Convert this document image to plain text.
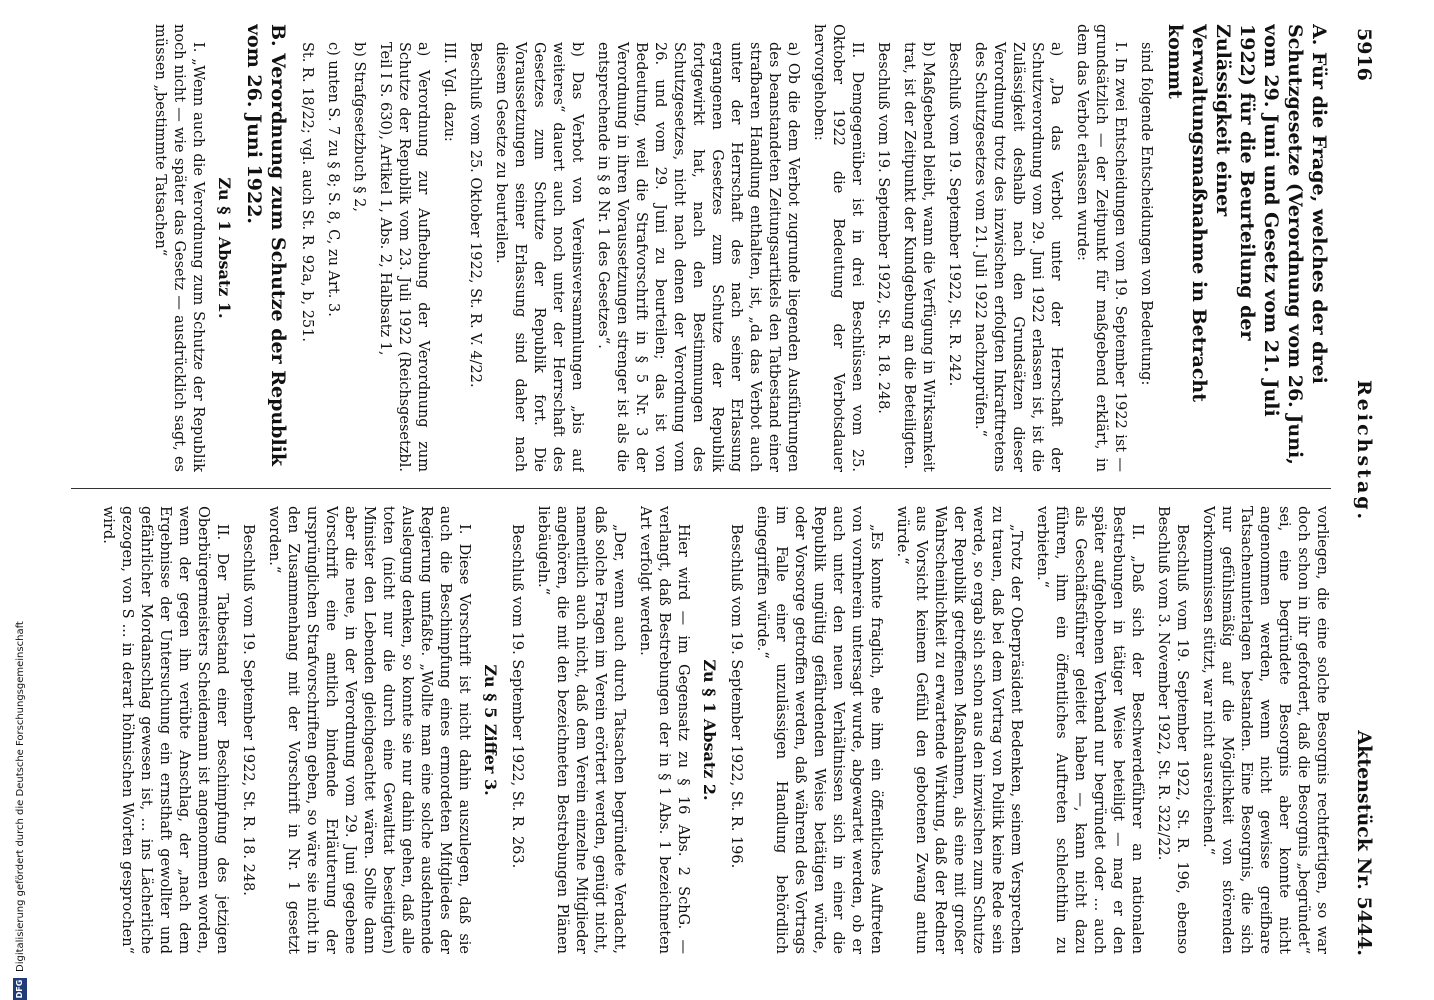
5916
Reichstag.
Aktenstück Nr. 5444.
A. Für die Frage, welches der drei Schutzgesetze (Verordnung vom 26. Juni, vom 29. Juni und Gesetz vom 21. Juli 1922) für die Beurteilung der Zulässigkeit einer Verwaltungsmaßnahme in Betracht kommt

sind folgende Entscheidungen von Bedeutung:

I. In zwei Entscheidungen vom 19. September 1922 ist — grundsätzlich — der Zeitpunkt für maßgebend erklärt, in dem das Verbot erlassen wurde:

a) „Da das Verbot unter der Herrschaft der Schutzverordnung vom 29. Juni 1922 erlassen ist, ist die Zulässigkeit deshalb nach den Grundsätzen dieser Verordnung trotz des inzwischen erfolgten Inkrafttretens des Schutzgesetzes vom 21. Juli 1922 nachzuprüfen.“

Beschluß vom 19. September 1922, St. R. 242.

b) Maßgebend bleibt, wann die Verfügung in Wirksamkeit trat, ist der Zeitpunkt der Kundgebung an die Beteiligten.

Beschluß vom 19. September 1922, St. R. 18. 248.

II. Demgegenüber ist in drei Beschlüssen vom 25. Oktober 1922 die Bedeutung der Verbotsdauer hervorgehoben:

a) Ob die dem Verbot zugrunde liegenden Ausführungen des beanstandeten Zeitungsartikels den Tatbestand einer strafbaren Handlung enthalten, ist, „da das Verbot auch unter der Herrschaft des nach seiner Erlassung ergangenen Gesetzes zum Schutze der Republik fortgewirkt hat, nach den Bestimmungen des Schutzgesetzes, nicht nach denen der Verordnung vom 26. und vom 29. Juni zu beurteilen; das ist von Bedeutung, weil die Strafvorschrift in § 5 Nr. 3 der Verordnung in ihren Voraussetzungen strenger ist als die entsprechende in § 8 Nr. 1 des Gesetzes“.

b) Das Verbot von Vereinsversammlungen „bis auf weiteres“ dauert auch noch unter der Herrschaft des Gesetzes zum Schutze der Republik fort. Die Voraussetzungen seiner Erlassung sind daher nach diesem Gesetze zu beurteilen.

Beschluß vom 25. Oktober 1922, St. R. V. 4/22.

III. Vgl. dazu:

a) Verordnung zur Aufhebung der Verordnung zum Schutze der Republik vom 23. Juli 1922 (Reichsgesetzbl. Teil I S. 630), Artikel 1, Abs. 2, Halbsatz 1,

b) Strafgesetzbuch § 2,

c) unten S. 7 zu § 8; S. 8, C, zu Art. 3.

St. R. 18/22; vgl. auch St. R. 92a, b, 251.

B. Verordnung zum Schutze der Republik vom 26. Juni 1922.
Zu § 1 Absatz 1.

I. „Wenn auch die Verordnung zum Schutze der Republik noch nicht — wie später das Gesetz — ausdrücklich sagt, es müssen „bestimmte Tatsachen“

vorliegen, die eine solche Besorgnis rechtfertigen, so war doch schon in ihr gefordert, daß die Besorgnis „begründet“ sei, eine begründete Besorgnis aber konnte nicht angenommen werden, wenn nicht gewisse greifbare Tatsachenunterlagen bestanden. Eine Besorgnis, die sich nur gefühlsmäßig auf die Möglichkeit von störenden Vorkommnissen stützt, war nicht ausreichend.“

Beschluß vom 19. September 1922, St. R. 196, ebenso Beschluß vom 3. November 1922, St. R. 322/22.

II. „Daß sich der Beschwerdeführer an nationalen Bestrebungen in tätiger Weise beteiligt — mag er den später aufgehobenen Verband nur begründet oder ... auch als Geschäftsführer geleitet haben —, kann nicht dazu führen, ihm ein öffentliches Auftreten schlechthin zu verbieten.“

„Trotz der Oberpräsident Bedenken, seinem Versprechen zu trauen, daß bei dem Vortrag von Politik keine Rede sein werde, so ergab sich schon aus den inzwischen zum Schutze der Republik getroffenen Maßnahmen, als eine mit großer Wahrscheinlichkeit zu erwartende Wirkung, daß der Redner aus Vorsicht keinem Gefühl den gebotenen Zwang antun würde.“

„Es konnte fraglich, ehe ihm ein öffentliches Auftreten von vornherein untersagt wurde, abgewartet werden, ob er auch unter den neuen Verhältnissen sich in einer die Republik ungültig gefährdenden Weise betätigen würde, oder Vorsorge getroffen werden, daß während des Vortrags im Falle einer unzulässigen Handlung behördlich eingegriffen würde.“

Beschluß vom 19. September 1922, St. R. 196.

Zu § 1 Absatz 2.

Hier wird — im Gegensatz zu § 16 Abs. 2 SchG. — verlangt, daß Bestrebungen der in § 1 Abs. 1 bezeichneten Art verfolgt werden.

„Der, wenn auch durch Tatsachen begründete Verdacht, daß solche Fragen im Verein erörtert werden, genügt nicht, namentlich auch nicht, daß dem Verein einzelne Mitglieder angehören, die mit den bezeichneten Bestrebungen Plänen liebäugeln.“

Beschluß vom 19. September 1922, St. R. 263.

Zu § 5 Ziffer 3.

I. Diese Vorschrift ist nicht dahin auszulegen, daß sie auch die Beschimpfung eines ermordeten Mitgliedes der Regierung umfaßte. „Wollte man eine solche ausdehnende Auslegung denken, so konnte sie nur dahin gehen, daß alle toten (nicht nur die durch eine Gewalttat beseitigten) Minister den Lebenden gleichgeachtet wären. Sollte dann aber die neue, in der Verordnung vom 29. Juni gegebene Vorschrift eine amtlich bindende Erläuterung der ursprünglichen Strafvorschriften geben, so wäre sie nicht in den Zusammenhang mit der Vorschrift in Nr. 1 gesetzt worden.“

Beschluß vom 19. September 1922, St. R. 18. 248.

II. Der Tatbestand einer Beschimpfung des jetzigen Oberbürgermeisters Scheidemann ist angenommen worden, wenn der gegen ihn verübte Anschlag, der „nach dem Ergebnisse der Untersuchung ein ernsthaft gewollter und gefährlicher Mordanschlag gewesen ist, ... ins Lächerliche gezogen, von S ... in derart höhnischen Worten gesprochen“ wird.

DFGDigitalisierung gefördert durch die Deutsche Forschungsgemeinschaft
